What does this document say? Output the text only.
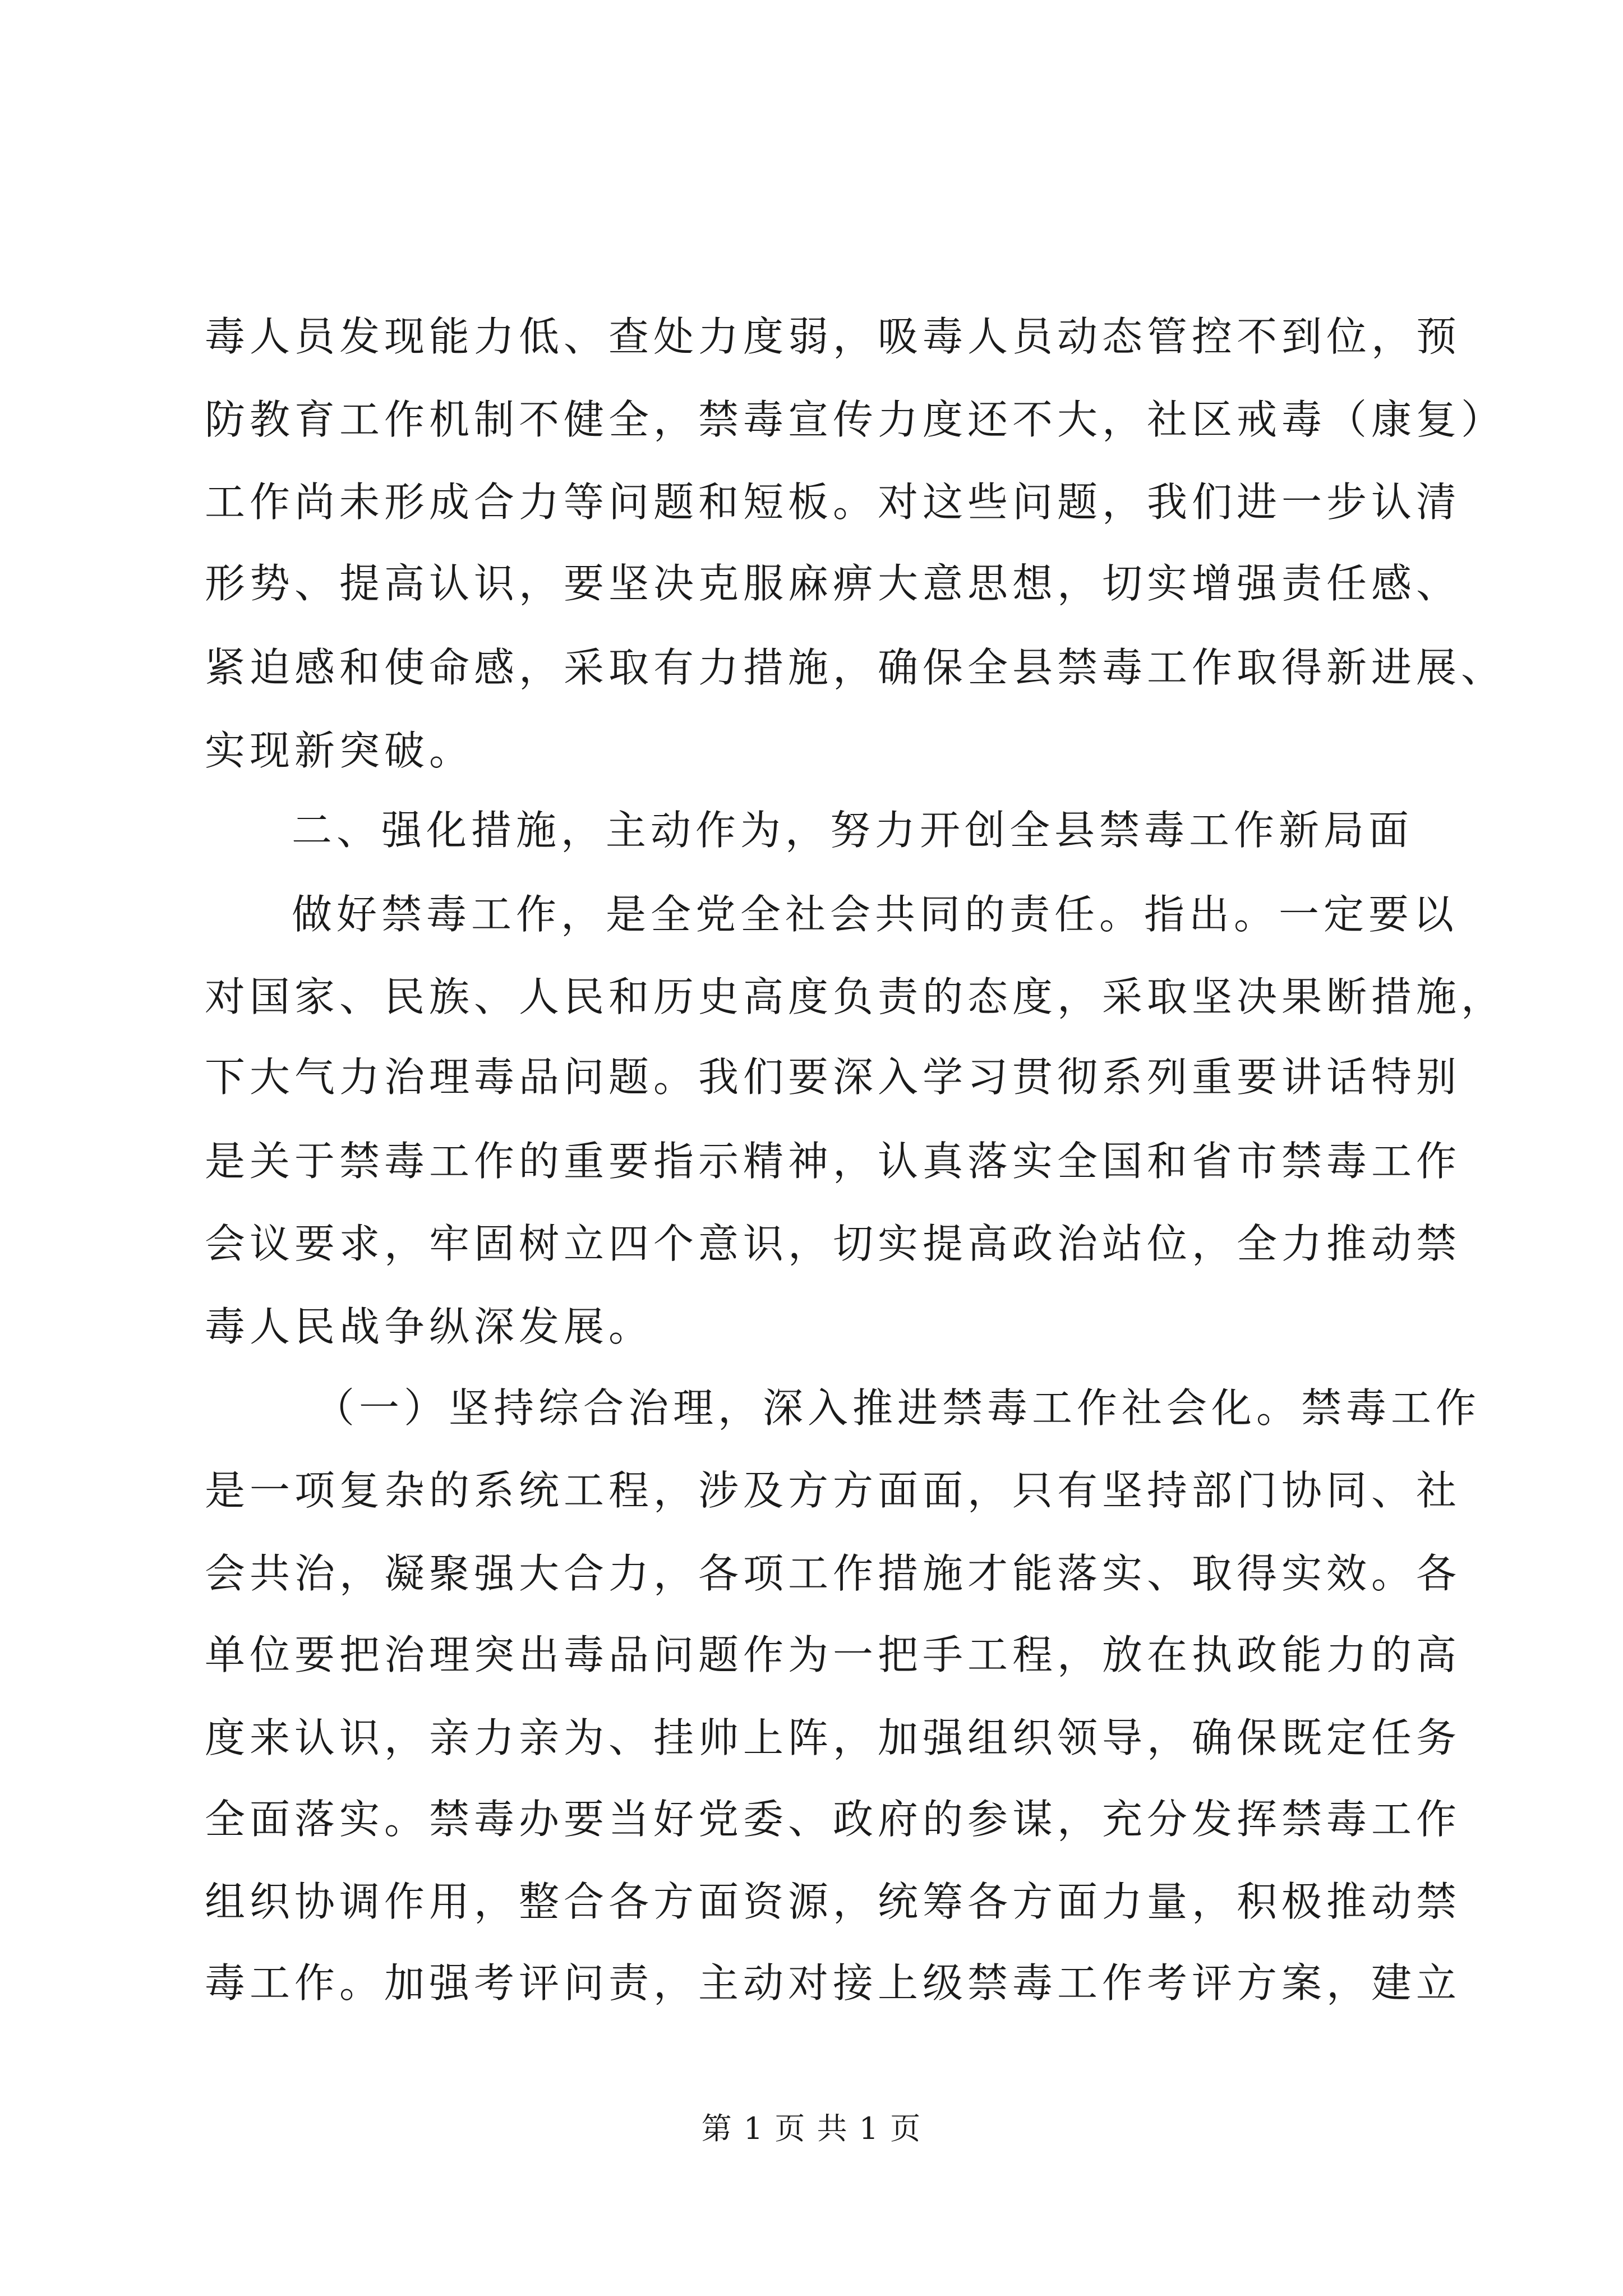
毒人员发现能力低、查处力度弱，吸毒人员动态管控不到位，预
防教育工作机制不健全，禁毒宣传力度还不大，社区戒毒（康复）
工作尚未形成合力等问题和短板。对这些问题，我们进一步认清
形势、提高认识，要坚决克服麻痹大意思想，切实增强责任感、
紧迫感和使命感，采取有力措施，确保全县禁毒工作取得新进展、
实现新突破。
二、强化措施，主动作为，努力开创全县禁毒工作新局面
做好禁毒工作，是全党全社会共同的责任。指出。一定要以
对国家、民族、人民和历史高度负责的态度，采取坚决果断措施，
下大气力治理毒品问题。我们要深入学习贯彻系列重要讲话特别
是关于禁毒工作的重要指示精神，认真落实全国和省市禁毒工作
会议要求，牢固树立四个意识，切实提高政治站位，全力推动禁
毒人民战争纵深发展。
（一）坚持综合治理，深入推进禁毒工作社会化。禁毒工作
是一项复杂的系统工程，涉及方方面面，只有坚持部门协同、社
会共治，凝聚强大合力，各项工作措施才能落实、取得实效。各
单位要把治理突出毒品问题作为一把手工程，放在执政能力的高
度来认识，亲力亲为、挂帅上阵，加强组织领导，确保既定任务
全面落实。禁毒办要当好党委、政府的参谋，充分发挥禁毒工作
组织协调作用，整合各方面资源，统筹各方面力量，积极推动禁
毒工作。加强考评问责，主动对接上级禁毒工作考评方案，建立
第 1 页 共 1 页
